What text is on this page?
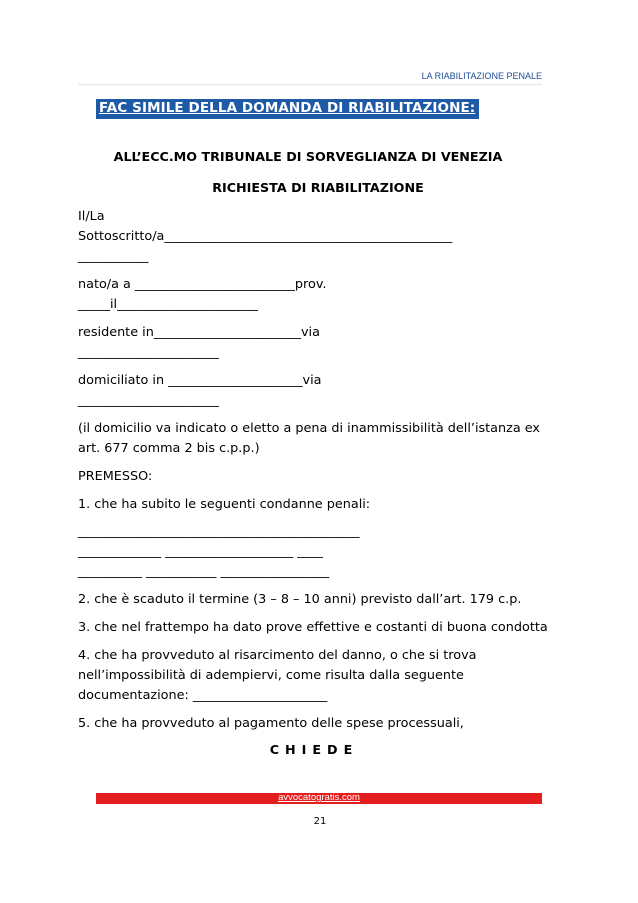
LA RIABILITAZIONE PENALE
FAC SIMILE DELLA DOMANDA DI RIABILITAZIONE:
ALL’ECC.MO TRIBUNALE DI SORVEGLIANZA DI VENEZIA
RICHIESTA DI RIABILITAZIONE
Il/La
Sottoscritto/a_____________________________________________
___________
nato/a a _________________________prov.
_____il______________________
residente in_______________________via
______________________
domiciliato in _____________________via
______________________
(il domicilio va indicato o eletto a pena di inammissibilità dell’istanza ex
art. 677 comma 2 bis c.p.p.)
PREMESSO:
1. che ha subito le seguenti condanne penali:
____________________________________________
_____________ ____________________ ____
__________ ___________ _________________
2. che è scaduto il termine (3 – 8 – 10 anni) previsto dall’art. 179 c.p.
3. che nel frattempo ha dato prove effettive e costanti di buona condotta
4. che ha provveduto al risarcimento del danno, o che si trova
nell’impossibilità di adempiervi, come risulta dalla seguente
documentazione: _____________________
5. che ha provveduto al pagamento delle spese processuali,
CHIEDE
avvocatogratis.com
21
